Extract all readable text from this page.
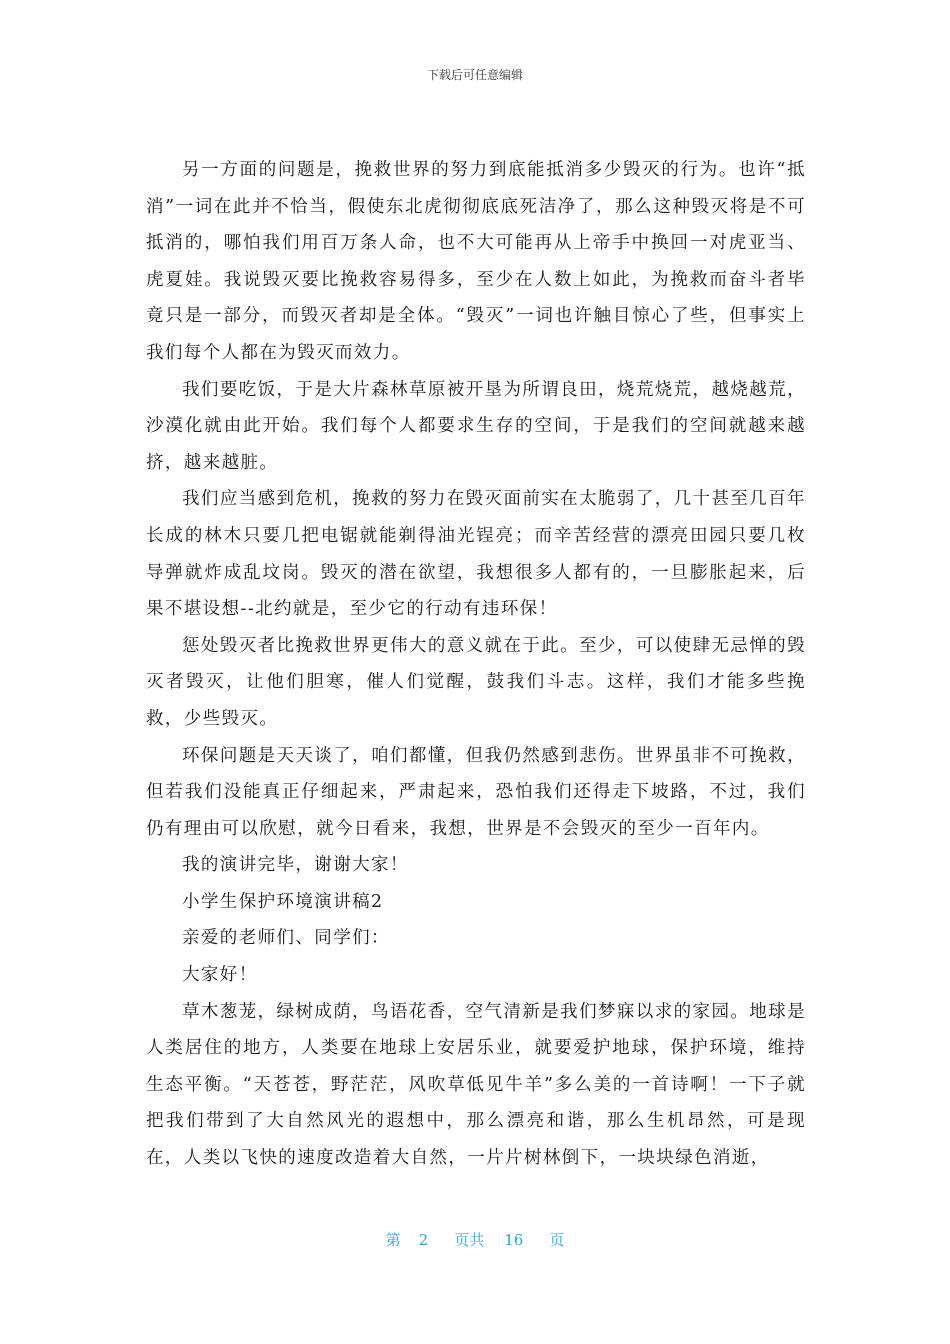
下载后可任意编辑

另一方面的问题是，挽救世界的努力到底能抵消多少毁灭的行为。也许“抵消”一词在此并不恰当，假使东北虎彻彻底底死洁净了，那么这种毁灭将是不可抵消的，哪怕我们用百万条人命，也不大可能再从上帝手中换回一对虎亚当、虎夏娃。我说毁灭要比挽救容易得多，至少在人数上如此，为挽救而奋斗者毕竟只是一部分，而毁灭者却是全体。“毁灭”一词也许触目惊心了些，但事实上我们每个人都在为毁灭而效力。

我们要吃饭，于是大片森林草原被开垦为所谓良田，烧荒烧荒，越烧越荒，沙漠化就由此开始。我们每个人都要求生存的空间，于是我们的空间就越来越挤，越来越脏。

我们应当感到危机，挽救的努力在毁灭面前实在太脆弱了，几十甚至几百年长成的林木只要几把电锯就能剃得油光锃亮；而辛苦经营的漂亮田园只要几枚导弹就炸成乱坟岗。毁灭的潜在欲望，我想很多人都有的，一旦膨胀起来，后果不堪设想--北约就是，至少它的行动有违环保！

惩处毁灭者比挽救世界更伟大的意义就在于此。至少，可以使肆无忌惮的毁灭者毁灭，让他们胆寒，催人们觉醒，鼓我们斗志。这样，我们才能多些挽救，少些毁灭。

环保问题是天天谈了，咱们都懂，但我仍然感到悲伤。世界虽非不可挽救，但若我们没能真正仔细起来，严肃起来，恐怕我们还得走下坡路，不过，我们仍有理由可以欣慰，就今日看来，我想，世界是不会毁灭的至少一百年内。

我的演讲完毕，谢谢大家！

小学生保护环境演讲稿2

亲爱的老师们、同学们：

大家好！

草木葱茏，绿树成荫，鸟语花香，空气清新是我们梦寐以求的家园。地球是人类居住的地方，人类要在地球上安居乐业，就要爱护地球，保护环境，维持生态平衡。“天苍苍，野茫茫，风吹草低见牛羊”多么美的一首诗啊！一下子就把我们带到了大自然风光的遐想中，那么漂亮和谐，那么生机昂然，可是现在，人类以飞快的速度改造着大自然，一片片树林倒下，一块块绿色消逝，

第 2 页共 16 页
